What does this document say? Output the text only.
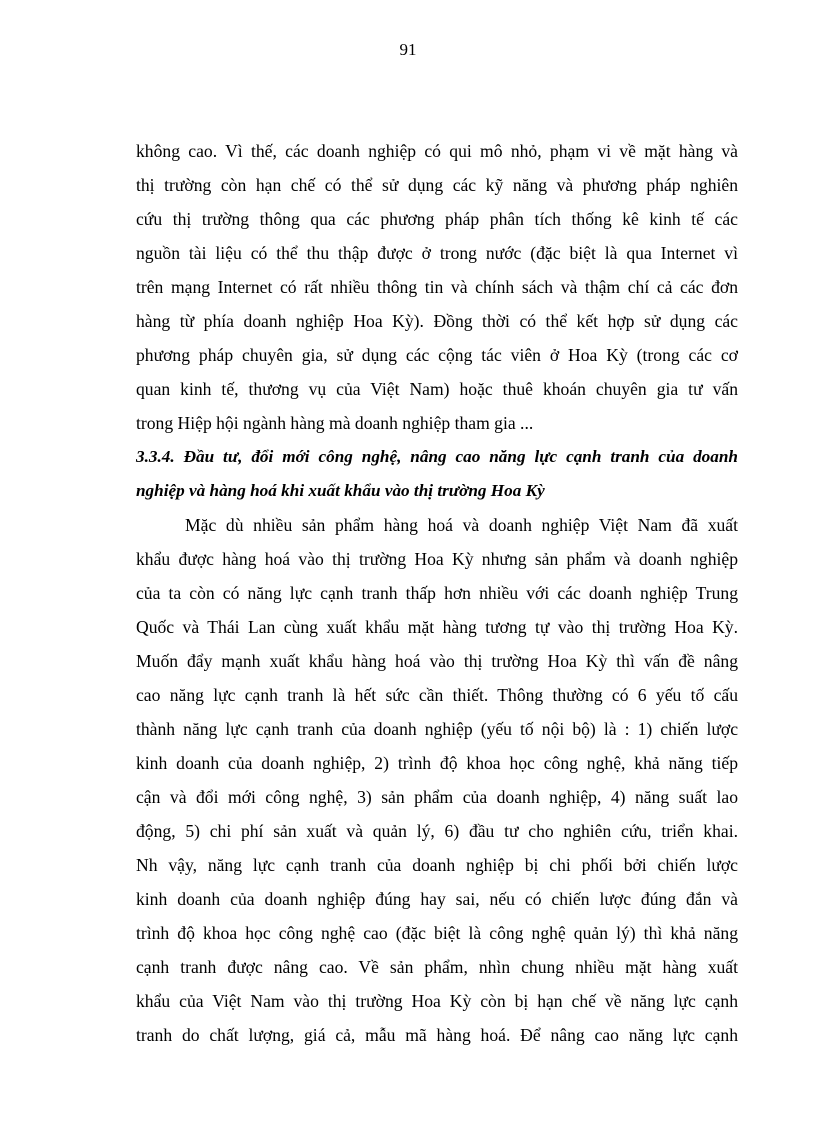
91
không cao. Vì thế, các doanh nghiệp có qui mô nhỏ, phạm vi về mặt hàng và
thị trường còn hạn chế có thể sử dụng các kỹ năng và phương pháp nghiên
cứu thị trường thông qua các phương pháp phân tích thống kê kinh tế các
nguồn tài liệu có thể thu thập được ở trong nước (đặc biệt là qua Internet vì
trên mạng Internet có rất nhiều thông tin và chính sách và thậm chí cả các đơn
hàng từ phía doanh nghiệp Hoa Kỳ). Đồng thời có thể kết hợp sử dụng các
phương pháp chuyên gia, sử dụng các cộng tác viên ở Hoa Kỳ (trong các cơ
quan kinh tế, thương vụ của Việt Nam) hoặc thuê khoán chuyên gia tư vấn
trong Hiệp hội ngành hàng mà doanh nghiệp tham gia ...
3.3.4. Đầu tư, đổi mới công nghệ, nâng cao năng lực cạnh tranh của doanh
nghiệp và hàng hoá khi xuất khẩu vào thị trường Hoa Kỳ
Mặc dù nhiều sản phẩm hàng hoá và doanh nghiệp Việt Nam đã xuất
khẩu được hàng hoá vào thị trường Hoa Kỳ nhưng sản phẩm và doanh nghiệp
của ta còn có năng lực cạnh tranh thấp hơn nhiều với các doanh nghiệp Trung
Quốc và Thái Lan cùng xuất khẩu mặt hàng tương tự vào thị trường Hoa Kỳ.
Muốn đẩy mạnh xuất khẩu hàng hoá vào thị trường Hoa Kỳ thì vấn đề nâng
cao năng lực cạnh tranh là hết sức cần thiết. Thông thường có 6 yếu tố cấu
thành năng lực cạnh tranh của doanh nghiệp (yếu tố nội bộ) là : 1) chiến lược
kinh doanh của doanh nghiệp, 2) trình độ khoa học công nghệ, khả năng tiếp
cận và đổi mới công nghệ, 3) sản phẩm của doanh nghiệp, 4) năng suất lao
động, 5) chi phí sản xuất và quản lý, 6) đầu tư cho nghiên cứu, triển khai.
Nh vậy, năng lực cạnh tranh của doanh nghiệp bị chi phối bởi chiến lược
kinh doanh của doanh nghiệp đúng hay sai, nếu có chiến lược đúng đắn và
trình độ khoa học công nghệ cao (đặc biệt là công nghệ quản lý) thì khả năng
cạnh tranh được nâng cao. Về sản phẩm, nhìn chung nhiều mặt hàng xuất
khẩu của Việt Nam vào thị trường Hoa Kỳ còn bị hạn chế về năng lực cạnh
tranh do chất lượng, giá cả, mẫu mã hàng hoá. Để nâng cao năng lực cạnh
